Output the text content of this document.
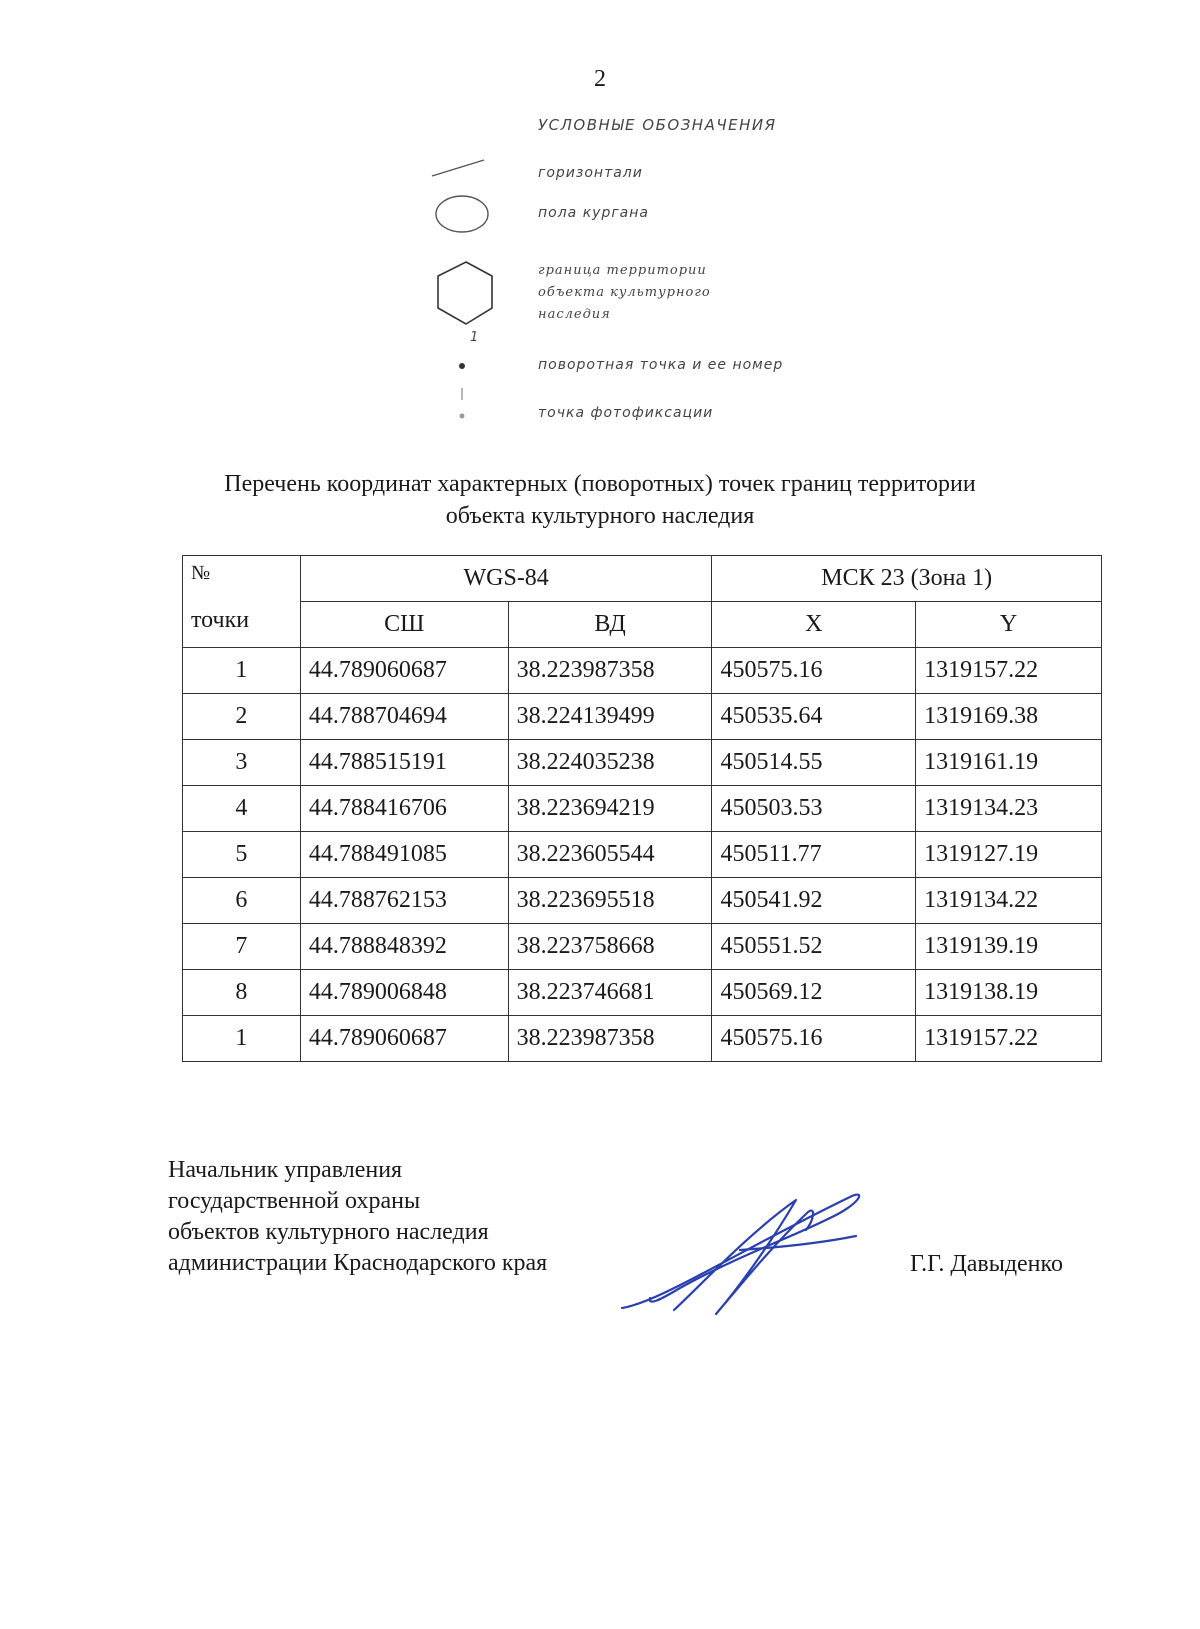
2
УСЛОВНЫЕ ОБОЗНАЧЕНИЯ
горизонтали
пола кургана
граница территории
объекта культурного
наследия
1
поворотная точка и ее номер
точка фотофиксации
Перечень координат характерных (поворотных) точек границ территории
объекта культурного наследия
№
точки	WGS-84		МСК 23 (Зона 1)	
	СШ	ВД	X	Y
1	44.789060687	38.223987358	450575.16	1319157.22
2	44.788704694	38.224139499	450535.64	1319169.38
3	44.788515191	38.224035238	450514.55	1319161.19
4	44.788416706	38.223694219	450503.53	1319134.23
5	44.788491085	38.223605544	450511.77	1319127.19
6	44.788762153	38.223695518	450541.92	1319134.22
7	44.788848392	38.223758668	450551.52	1319139.19
8	44.789006848	38.223746681	450569.12	1319138.19
1	44.789060687	38.223987358	450575.16	1319157.22
Начальник управления
государственной охраны
объектов культурного наследия
администрации Краснодарского края	Г.Г. Давыденко
